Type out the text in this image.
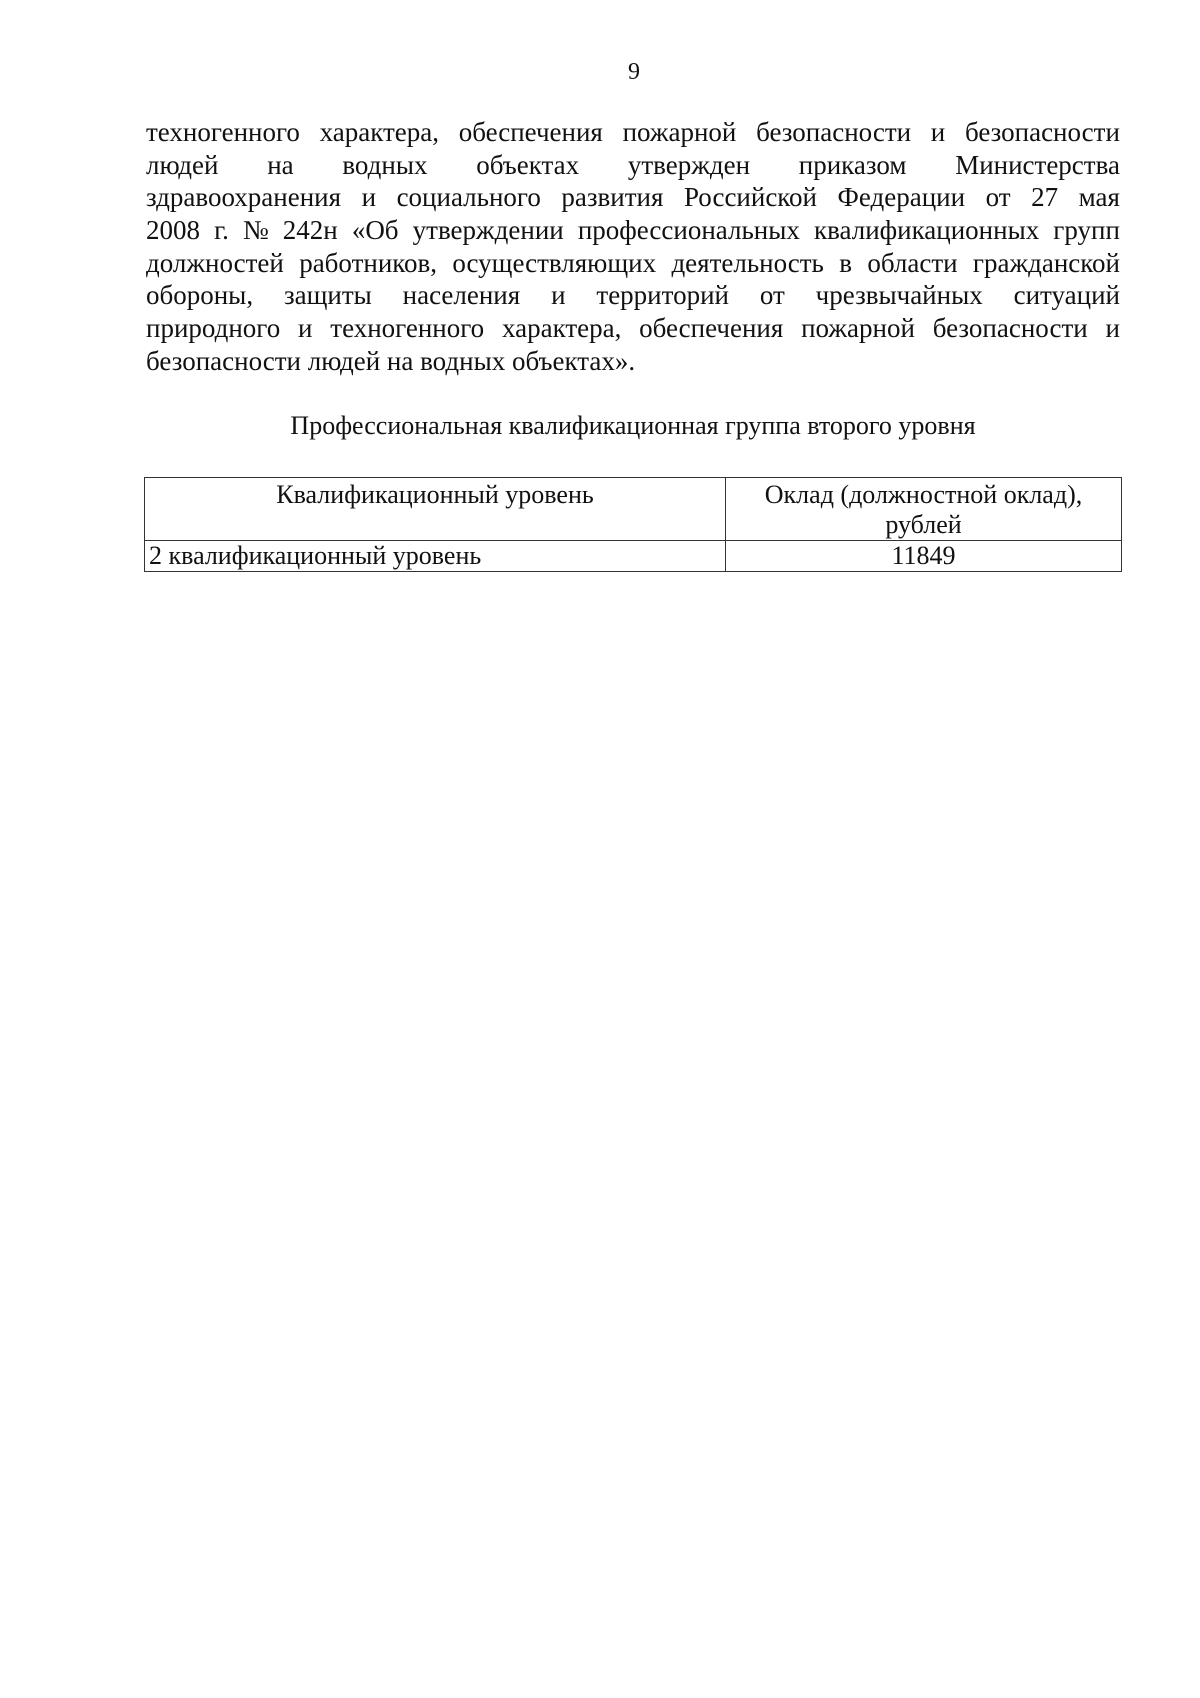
9
техногенного характера, обеспечения пожарной безопасности и безопасности
людей на водных объектах утвержден приказом Министерства
здравоохранения и социального развития Российской Федерации от 27 мая
2008 г. № 242н «Об утверждении профессиональных квалификационных групп
должностей работников, осуществляющих деятельность в области гражданской
обороны, защиты населения и территорий от чрезвычайных ситуаций
природного и техногенного характера, обеспечения пожарной безопасности и
безопасности людей на водных объектах».
Профессиональная квалификационная группа второго уровня
Квалификационный уровень	Оклад (должностной оклад), рублей
2 квалификационный уровень	11849
